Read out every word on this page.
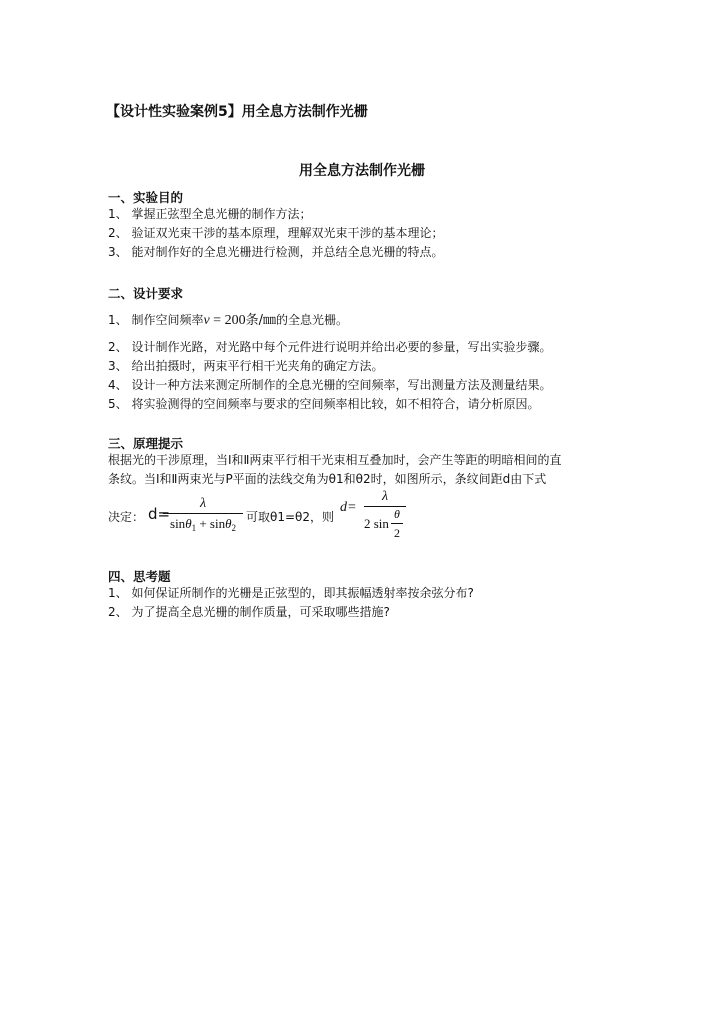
【设计性实验案例5】用全息方法制作光栅
用全息方法制作光栅
一、实验目的
1、 掌握正弦型全息光栅的制作方法；
2、 验证双光束干涉的基本原理，理解双光束干涉的基本理论；
3、 能对制作好的全息光栅进行检测，并总结全息光栅的特点。
二、设计要求
1、 制作空间频率ν = 200条/㎜的全息光栅。
2、 设计制作光路，对光路中每个元件进行说明并给出必要的参量，写出实验步骤。
3、 给出拍摄时，两束平行相干光夹角的确定方法。
4、 设计一种方法来测定所制作的全息光栅的空间频率，写出测量方法及测量结果。
5、 将实验测得的空间频率与要求的空间频率相比较，如不相符合，请分析原因。
三、原理提示
根据光的干涉原理，当Ⅰ和Ⅱ两束平行相干光束相互叠加时，会产生等距的明暗相间的直
条纹。当Ⅰ和Ⅱ两束光与P平面的法线交角为θ1和θ2时，如图所示，条纹间距d由下式
决定： d=
λ
sinθ$_1$ + sinθ$_2$
可取θ1=θ2，则
d =
λ
2 sin
θ
2
四、思考题
1、 如何保证所制作的光栅是正弦型的，即其振幅透射率按余弦分布?
2、 为了提高全息光栅的制作质量，可采取哪些措施?
